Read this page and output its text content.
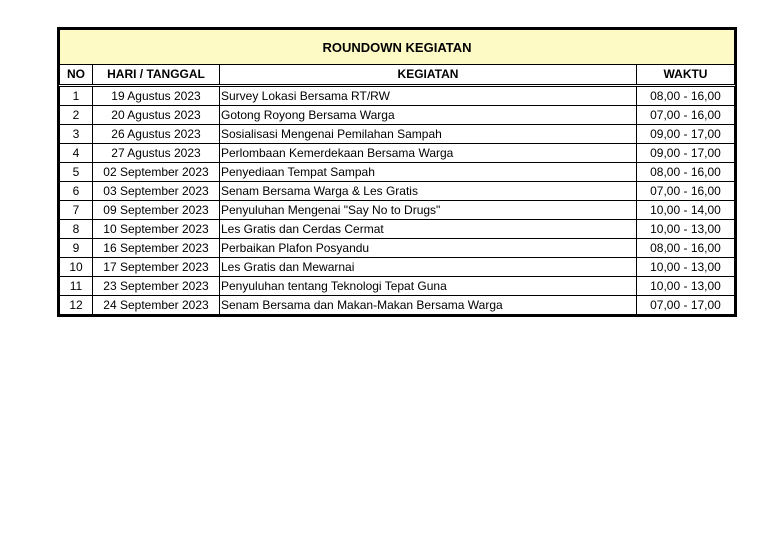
ROUNDOWN KEGIATAN			
NO	HARI / TANGGAL	KEGIATAN	WAKTU
1	19 Agustus 2023	Survey Lokasi Bersama RT/RW	08,00 - 16,00
2	20 Agustus 2023	Gotong Royong Bersama Warga	07,00 - 16,00
3	26 Agustus 2023	Sosialisasi Mengenai Pemilahan Sampah	09,00 - 17,00
4	27 Agustus 2023	Perlombaan Kemerdekaan Bersama Warga	09,00 - 17,00
5	02 September 2023	Penyediaan Tempat Sampah	08,00 - 16,00
6	03 September 2023	Senam Bersama Warga & Les Gratis	07,00 - 16,00
7	09 September 2023	Penyuluhan Mengenai "Say No to Drugs"	10,00 - 14,00
8	10 September 2023	Les Gratis dan Cerdas Cermat	10,00 - 13,00
9	16 September 2023	Perbaikan Plafon Posyandu	08,00 - 16,00
10	17 September 2023	Les Gratis dan Mewarnai	10,00 - 13,00
11	23 September 2023	Penyuluhan tentang Teknologi Tepat Guna	10,00 - 13,00
12	24 September 2023	Senam Bersama dan Makan-Makan Bersama Warga	07,00 - 17,00
